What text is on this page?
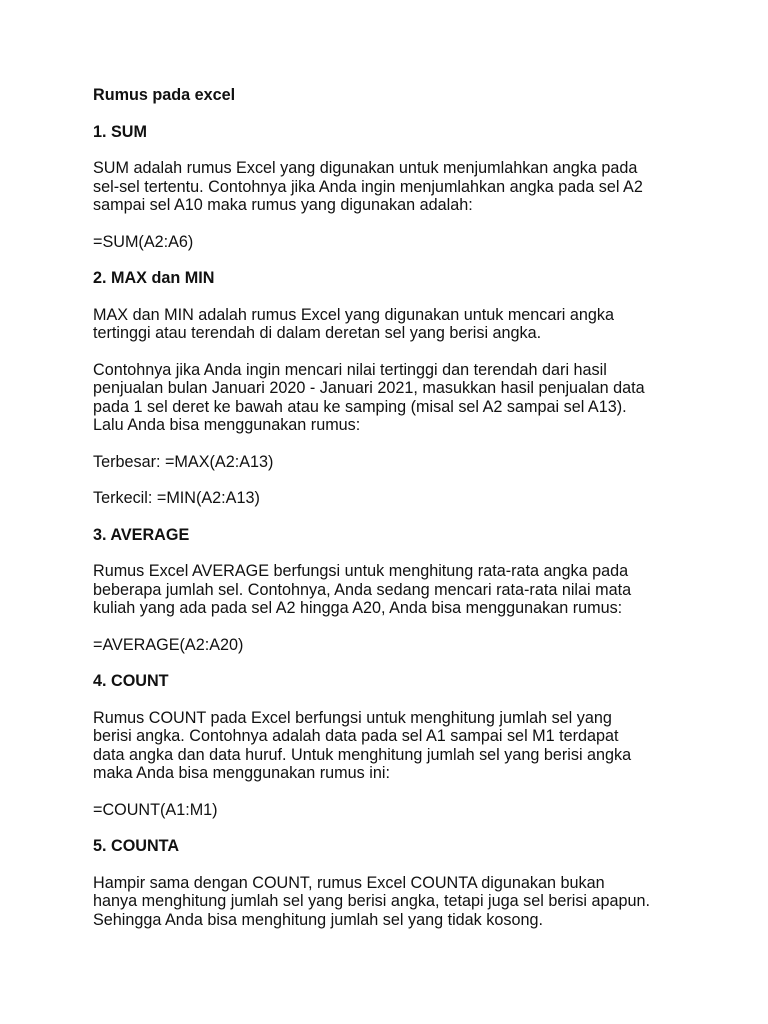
Rumus pada excel

1. SUM

SUM adalah rumus Excel yang digunakan untuk menjumlahkan angka pada

sel-sel tertentu. Contohnya jika Anda ingin menjumlahkan angka pada sel A2

sampai sel A10 maka rumus yang digunakan adalah:

=SUM(A2:A6)

2. MAX dan MIN

MAX dan MIN adalah rumus Excel yang digunakan untuk mencari angka

tertinggi atau terendah di dalam deretan sel yang berisi angka.

Contohnya jika Anda ingin mencari nilai tertinggi dan terendah dari hasil

penjualan bulan Januari 2020 - Januari 2021, masukkan hasil penjualan data

pada 1 sel deret ke bawah atau ke samping (misal sel A2 sampai sel A13).

Lalu Anda bisa menggunakan rumus:

Terbesar: =MAX(A2:A13)

Terkecil: =MIN(A2:A13)

3. AVERAGE

Rumus Excel AVERAGE berfungsi untuk menghitung rata-rata angka pada

beberapa jumlah sel. Contohnya, Anda sedang mencari rata-rata nilai mata

kuliah yang ada pada sel A2 hingga A20, Anda bisa menggunakan rumus:

=AVERAGE(A2:A20)

4. COUNT

Rumus COUNT pada Excel berfungsi untuk menghitung jumlah sel yang

berisi angka. Contohnya adalah data pada sel A1 sampai sel M1 terdapat

data angka dan data huruf. Untuk menghitung jumlah sel yang berisi angka

maka Anda bisa menggunakan rumus ini:

=COUNT(A1:M1)

5. COUNTA

Hampir sama dengan COUNT, rumus Excel COUNTA digunakan bukan

hanya menghitung jumlah sel yang berisi angka, tetapi juga sel berisi apapun.

Sehingga Anda bisa menghitung jumlah sel yang tidak kosong.
